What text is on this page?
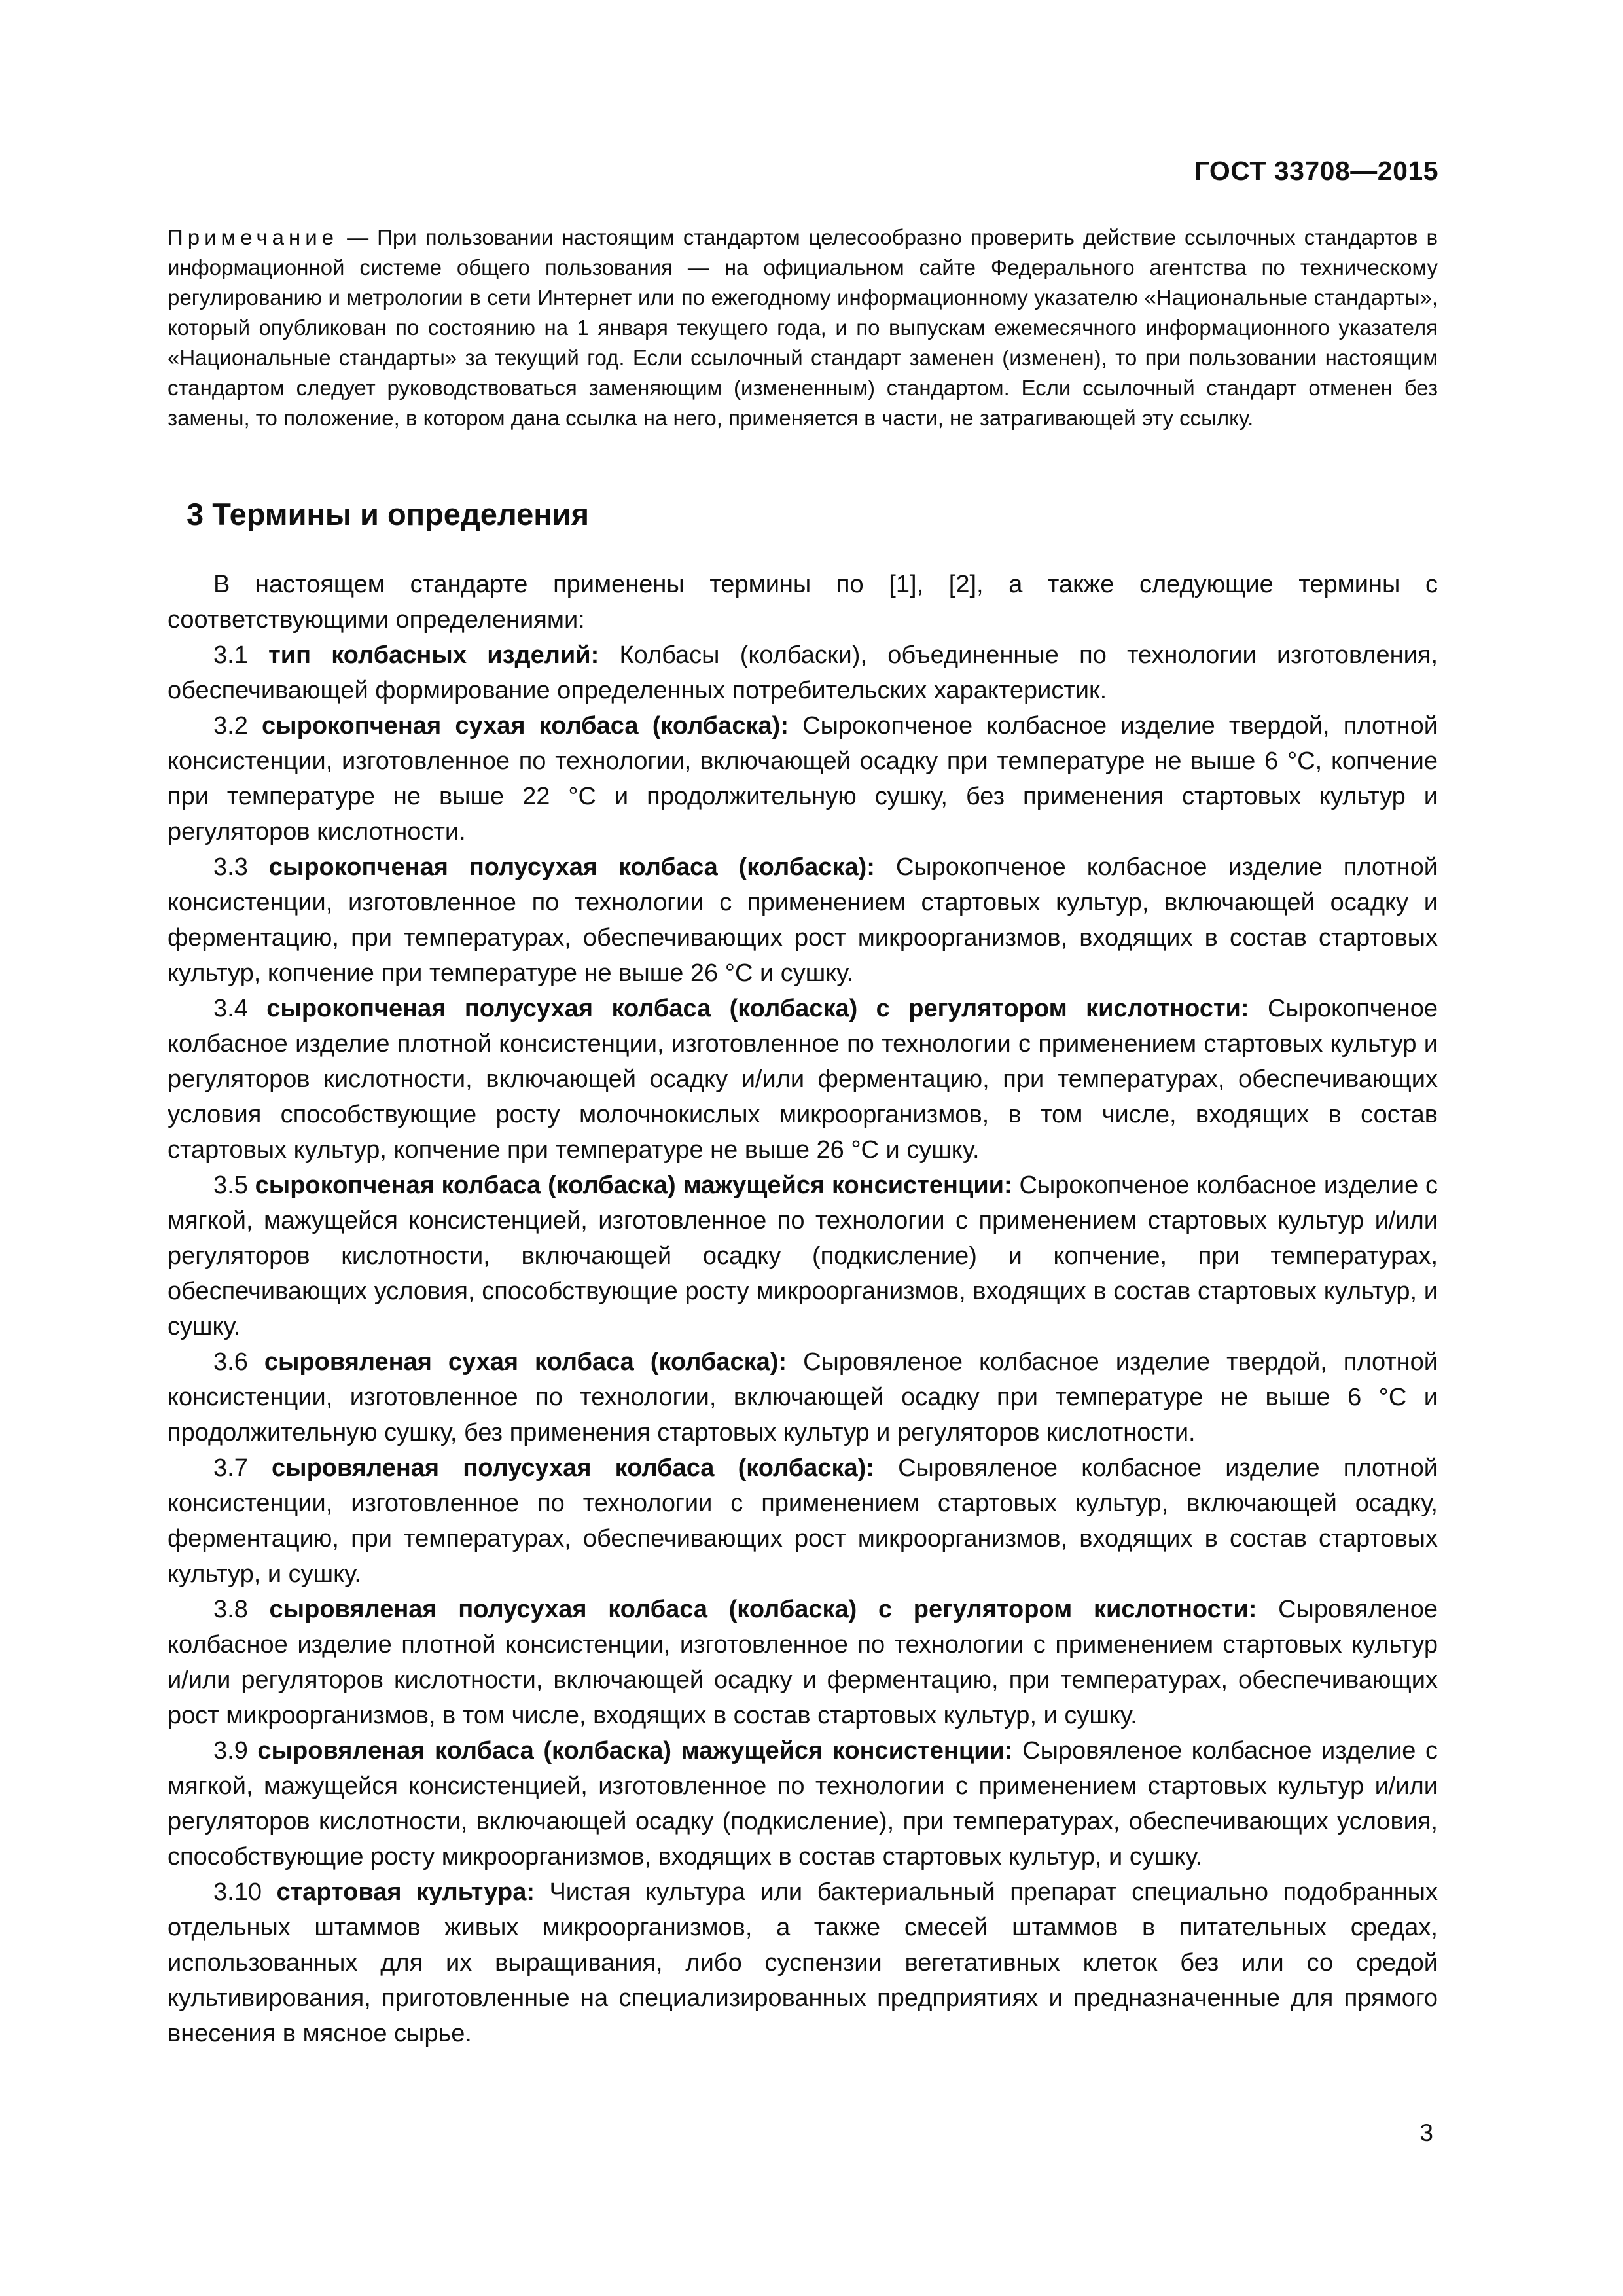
ГОСТ 33708—2015
Примечание — При пользовании настоящим стандартом целесообразно проверить действие ссылочных стандартов в информационной системе общего пользования — на официальном сайте Федерального агентства по техническому регулированию и метрологии в сети Интернет или по ежегодному информационному указателю «Национальные стандарты», который опубликован по состоянию на 1 января текущего года, и по выпускам ежемесячного информационного указателя «Национальные стандарты» за текущий год. Если ссылочный стандарт заменен (изменен), то при пользовании настоящим стандартом следует руководствоваться заменяющим (измененным) стандартом. Если ссылочный стандарт отменен без замены, то положение, в котором дана ссылка на него, применяется в части, не затрагивающей эту ссылку.
3 Термины и определения

В настоящем стандарте применены термины по [1], [2], а также следующие термины с соответствующими определениями:

3.1 тип колбасных изделий: Колбасы (колбаски), объединенные по технологии изготовления, обеспечивающей формирование определенных потребительских характеристик.

3.2 сырокопченая сухая колбаса (колбаска): Сырокопченое колбасное изделие твердой, плотной консистенции, изготовленное по технологии, включающей осадку при температуре не выше 6 °С, копчение при температуре не выше 22 °С и продолжительную сушку, без применения стартовых культур и регуляторов кислотности.

3.3 сырокопченая полусухая колбаса (колбаска): Сырокопченое колбасное изделие плотной консистенции, изготовленное по технологии с применением стартовых культур, включающей осадку и ферментацию, при температурах, обеспечивающих рост микроорганизмов, входящих в состав стартовых культур, копчение при температуре не выше 26 °С и сушку.

3.4 сырокопченая полусухая колбаса (колбаска) с регулятором кислотности: Сырокопченое колбасное изделие плотной консистенции, изготовленное по технологии с применением стартовых культур и регуляторов кислотности, включающей осадку и/или ферментацию, при температурах, обеспечивающих условия способствующие росту молочнокислых микроорганизмов, в том числе, входящих в состав стартовых культур, копчение при температуре не выше 26 °С и сушку.

3.5 сырокопченая колбаса (колбаска) мажущейся консистенции: Сырокопченое колбасное изделие с мягкой, мажущейся консистенцией, изготовленное по технологии с применением стартовых культур и/или регуляторов кислотности, включающей осадку (подкисление) и копчение, при температурах, обеспечивающих условия, способствующие росту микроорганизмов, входящих в состав стартовых культур, и сушку.

3.6 сыровяленая сухая колбаса (колбаска): Сыровяленое колбасное изделие твердой, плотной консистенции, изготовленное по технологии, включающей осадку при температуре не выше 6 °С и продолжительную сушку, без применения стартовых культур и регуляторов кислотности.

3.7 сыровяленая полусухая колбаса (колбаска): Сыровяленое колбасное изделие плотной консистенции, изготовленное по технологии с применением стартовых культур, включающей осадку, ферментацию, при температурах, обеспечивающих рост микроорганизмов, входящих в состав стартовых культур, и сушку.

3.8 сыровяленая полусухая колбаса (колбаска) с регулятором кислотности: Сыровяленое колбасное изделие плотной консистенции, изготовленное по технологии с применением стартовых культур и/или регуляторов кислотности, включающей осадку и ферментацию, при температурах, обеспечивающих рост микроорганизмов, в том числе, входящих в состав стартовых культур, и сушку.

3.9 сыровяленая колбаса (колбаска) мажущейся консистенции: Сыровяленое колбасное изделие с мягкой, мажущейся консистенцией, изготовленное по технологии с применением стартовых культур и/или регуляторов кислотности, включающей осадку (подкисление), при температурах, обеспечивающих условия, способствующие росту микроорганизмов, входящих в состав стартовых культур, и сушку.

3.10 стартовая культура: Чистая культура или бактериальный препарат специально подобранных отдельных штаммов живых микроорганизмов, а также смесей штаммов в питательных средах, использованных для их выращивания, либо суспензии вегетативных клеток без или со средой культивирования, приготовленные на специализированных предприятиях и предназначенные для прямого внесения в мясное сырье.

3
